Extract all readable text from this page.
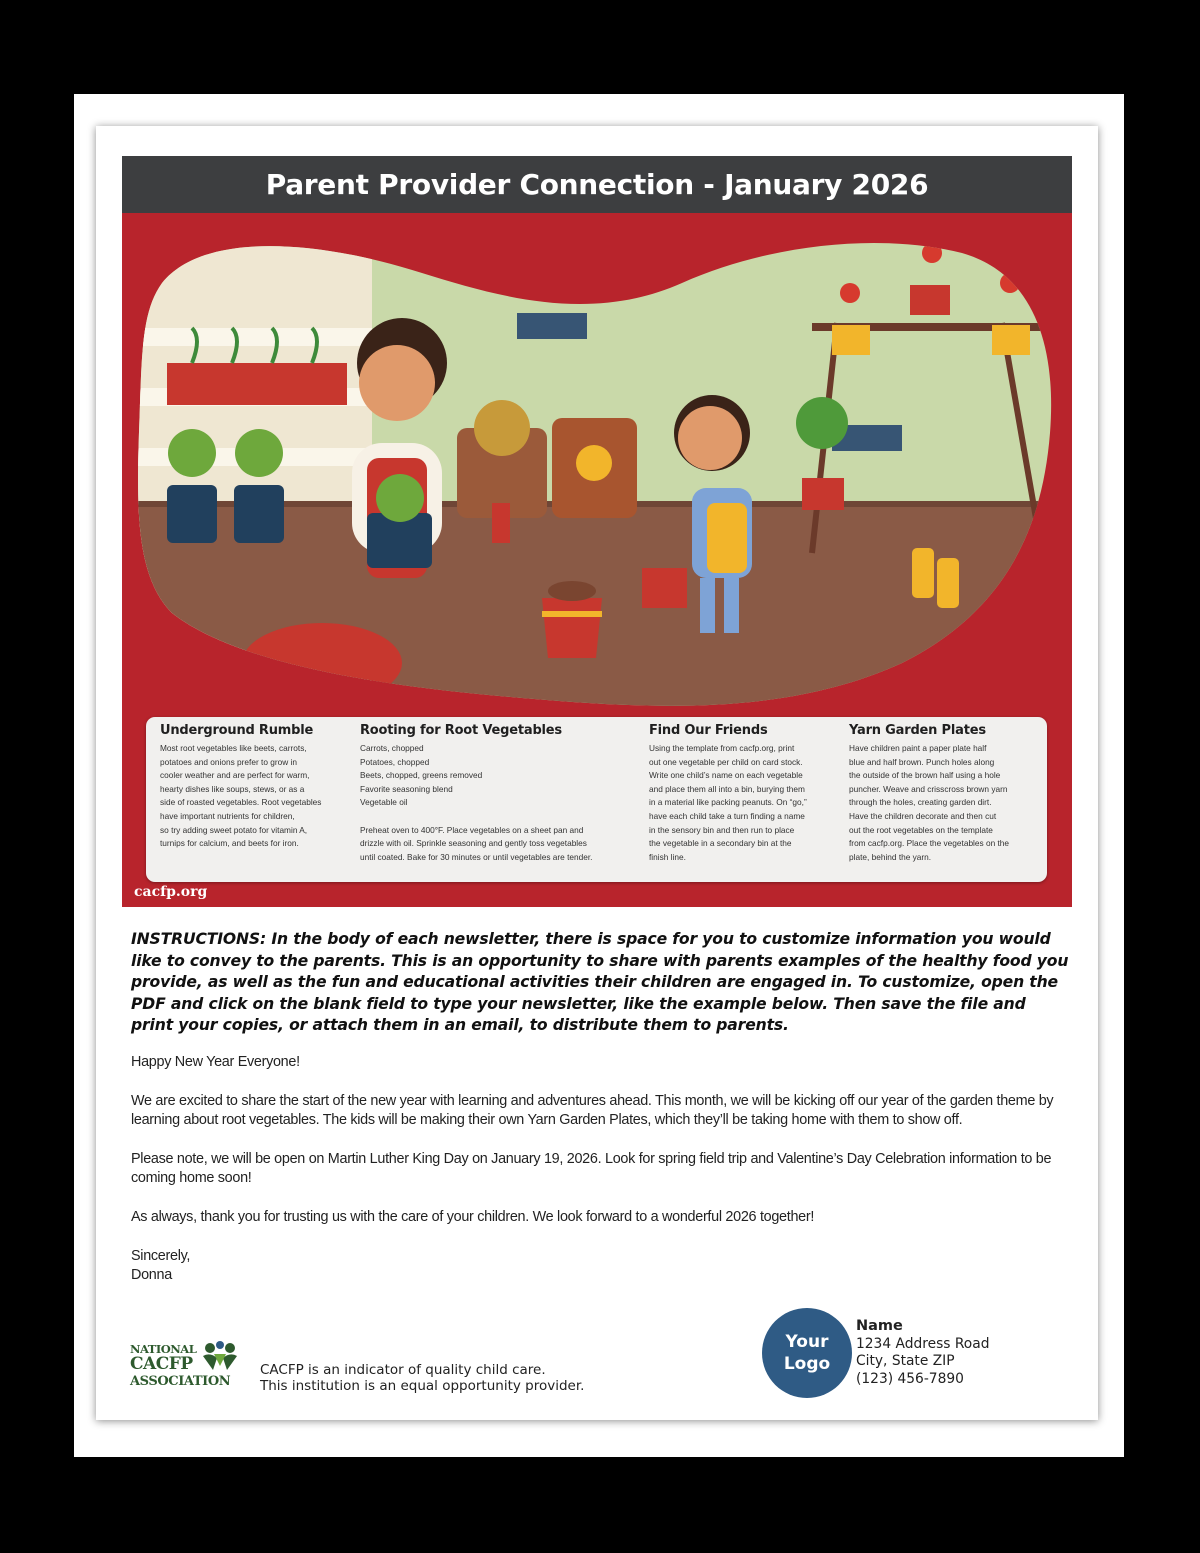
Parent Provider Connection - January 2026
Underground Rumble

Most root vegetables like beets, carrots,
potatoes and onions prefer to grow in
cooler weather and are perfect for warm,
hearty dishes like soups, stews, or as a
side of roasted vegetables. Root vegetables
have important nutrients for children,
so try adding sweet potato for vitamin A,
turnips for calcium, and beets for iron.

Rooting for Root Vegetables

Carrots, chopped
Potatoes, chopped
Beets, chopped, greens removed
Favorite seasoning blend
Vegetable oil

Preheat oven to 400°F. Place vegetables on a sheet pan and
drizzle with oil. Sprinkle seasoning and gently toss vegetables
until coated. Bake for 30 minutes or until vegetables are tender.

Find Our Friends

Using the template from cacfp.org, print
out one vegetable per child on card stock.
Write one child’s name on each vegetable
and place them all into a bin, burying them
in a material like packing peanuts. On “go,”
have each child take a turn finding a name
in the sensory bin and then run to place
the vegetable in a secondary bin at the
finish line.

Yarn Garden Plates

Have children paint a paper plate half
blue and half brown. Punch holes along
the outside of the brown half using a hole
puncher. Weave and crisscross brown yarn
through the holes, creating garden dirt.
Have the children decorate and then cut
out the root vegetables on the template
from cacfp.org. Place the vegetables on the
plate, behind the yarn.

cacfp.org

INSTRUCTIONS: In the body of each newsletter, there is space for you to customize information you would like to convey to the parents. This is an opportunity to share with parents examples of the healthy food you provide, as well as the fun and educational activities their children are engaged in. To customize, open the PDF and click on the blank field to type your newsletter, like the example below. Then save the file and print your copies, or attach them in an email, to distribute them to parents.

Happy New Year Everyone!

We are excited to share the start of the new year with learning and adventures ahead. This month, we will be kicking off our year of the garden theme by learning about root vegetables. The kids will be making their own Yarn Garden Plates, which they’ll be taking home with them to show off.

Please note, we will be open on Martin Luther King Day on January 19, 2026. Look for spring field trip and Valentine’s Day Celebration information to be coming home soon!

As always, thank you for trusting us with the care of your children. We look forward to a wonderful 2026 together!

Sincerely,
Donna
NATIONAL
CACFP
ASSOCIATION
CACFP is an indicator of quality child care.
This institution is an equal opportunity provider.
Your
Logo
Name
1234 Address Road
City, State ZIP
(123) 456-7890
